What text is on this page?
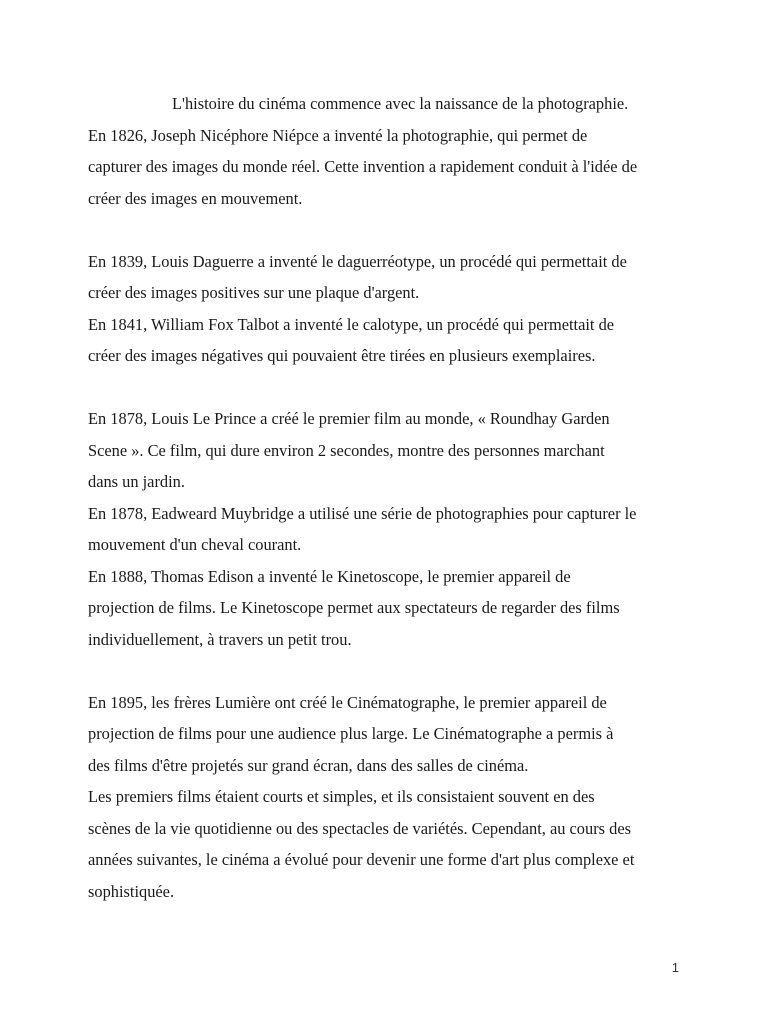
L'histoire du cinéma commence avec la naissance de la photographie.

En 1826, Joseph Nicéphore Niépce a inventé la photographie, qui permet de
capturer des images du monde réel. Cette invention a rapidement conduit à l'idée de
créer des images en mouvement.

En 1839, Louis Daguerre a inventé le daguerréotype, un procédé qui permettait de
créer des images positives sur une plaque d'argent.

En 1841, William Fox Talbot a inventé le calotype, un procédé qui permettait de
créer des images négatives qui pouvaient être tirées en plusieurs exemplaires.

En 1878, Louis Le Prince a créé le premier film au monde, « Roundhay Garden
Scene ». Ce film, qui dure environ 2 secondes, montre des personnes marchant
dans un jardin.

En 1878, Eadweard Muybridge a utilisé une série de photographies pour capturer le
mouvement d'un cheval courant.

En 1888, Thomas Edison a inventé le Kinetoscope, le premier appareil de
projection de films. Le Kinetoscope permet aux spectateurs de regarder des films
individuellement, à travers un petit trou.

En 1895, les frères Lumière ont créé le Cinématographe, le premier appareil de
projection de films pour une audience plus large. Le Cinématographe a permis à
des films d'être projetés sur grand écran, dans des salles de cinéma.

Les premiers films étaient courts et simples, et ils consistaient souvent en des
scènes de la vie quotidienne ou des spectacles de variétés. Cependant, au cours des
années suivantes, le cinéma a évolué pour devenir une forme d'art plus complexe et
sophistiquée.

1
